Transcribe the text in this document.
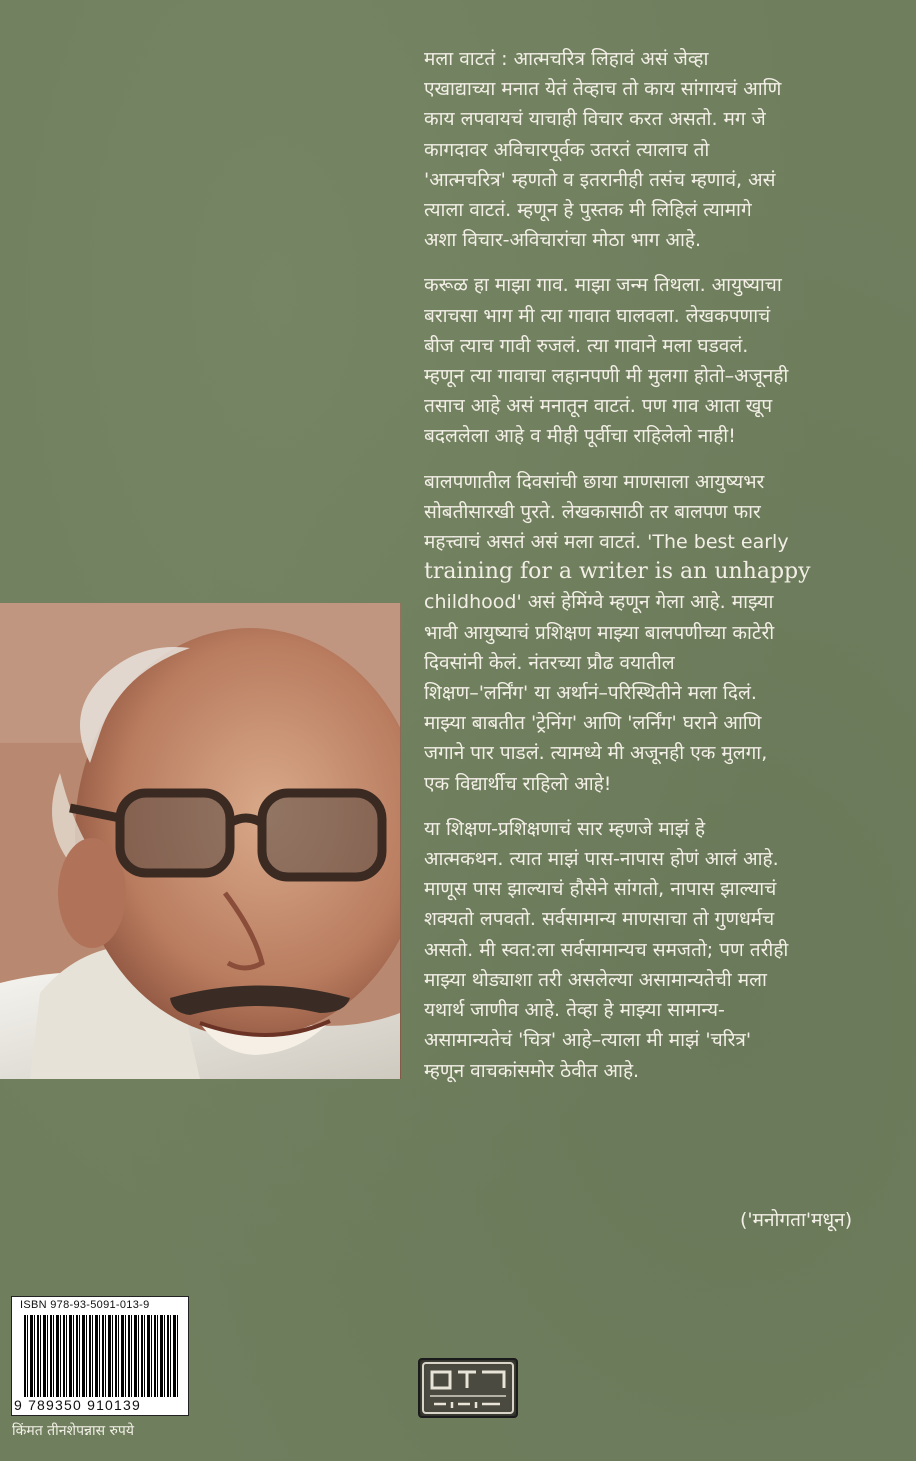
मला वाटतं : आत्मचरित्र लिहावं असं जेव्हा
एखाद्याच्या मनात येतं तेव्हाच तो काय सांगायचं आणि
काय लपवायचं याचाही विचार करत असतो. मग जे
कागदावर अविचारपूर्वक उतरतं त्यालाच तो
'आत्मचरित्र' म्हणतो व इतरानीही तसंच म्हणावं, असं
त्याला वाटतं. म्हणून हे पुस्तक मी लिहिलं त्यामागे
अशा विचार-अविचारांचा मोठा भाग आहे.

करूळ हा माझा गाव. माझा जन्म तिथला. आयुष्याचा
बराचसा भाग मी त्या गावात घालवला. लेखकपणाचं
बीज त्याच गावी रुजलं. त्या गावाने मला घडवलं.
म्हणून त्या गावाचा लहानपणी मी मुलगा होतो–अजूनही
तसाच आहे असं मनातून वाटतं. पण गाव आता खूप
बदललेला आहे व मीही पूर्वीचा राहिलेलो नाही!

बालपणातील दिवसांची छाया माणसाला आयुष्यभर
सोबतीसारखी पुरते. लेखकासाठी तर बालपण फार
महत्त्वाचं असतं असं मला वाटतं. 'The best early
training for a writer is an unhappy
childhood' असं हेमिंग्वे म्हणून गेला आहे. माझ्या
भावी आयुष्याचं प्रशिक्षण माझ्या बालपणीच्या काटेरी
दिवसांनी केलं. नंतरच्या प्रौढ वयातील
शिक्षण–'लर्निंग' या अर्थानं–परिस्थितीने मला दिलं.
माझ्या बाबतीत 'ट्रेनिंग' आणि 'लर्निंग' घराने आणि
जगाने पार पाडलं. त्यामध्ये मी अजूनही एक मुलगा,
एक विद्यार्थीच राहिलो आहे!

या शिक्षण-प्रशिक्षणाचं सार म्हणजे माझं हे
आत्मकथन. त्यात माझं पास-नापास होणं आलं आहे.
माणूस पास झाल्याचं हौसेने सांगतो, नापास झाल्याचं
शक्यतो लपवतो. सर्वसामान्य माणसाचा तो गुणधर्मच
असतो. मी स्वत:ला सर्वसामान्यच समजतो; पण तरीही
माझ्या थोड्याशा तरी असलेल्या असामान्यतेची मला
यथार्थ जाणीव आहे. तेव्हा हे माझ्या सामान्य-
असामान्यतेचं 'चित्र' आहे–त्याला मी माझं 'चरित्र'
म्हणून वाचकांसमोर ठेवीत आहे.

('मनोगता'मधून)
ISBN 978-93-5091-013-9
9 789350 910139
किंमत तीनशेपन्नास रुपये
